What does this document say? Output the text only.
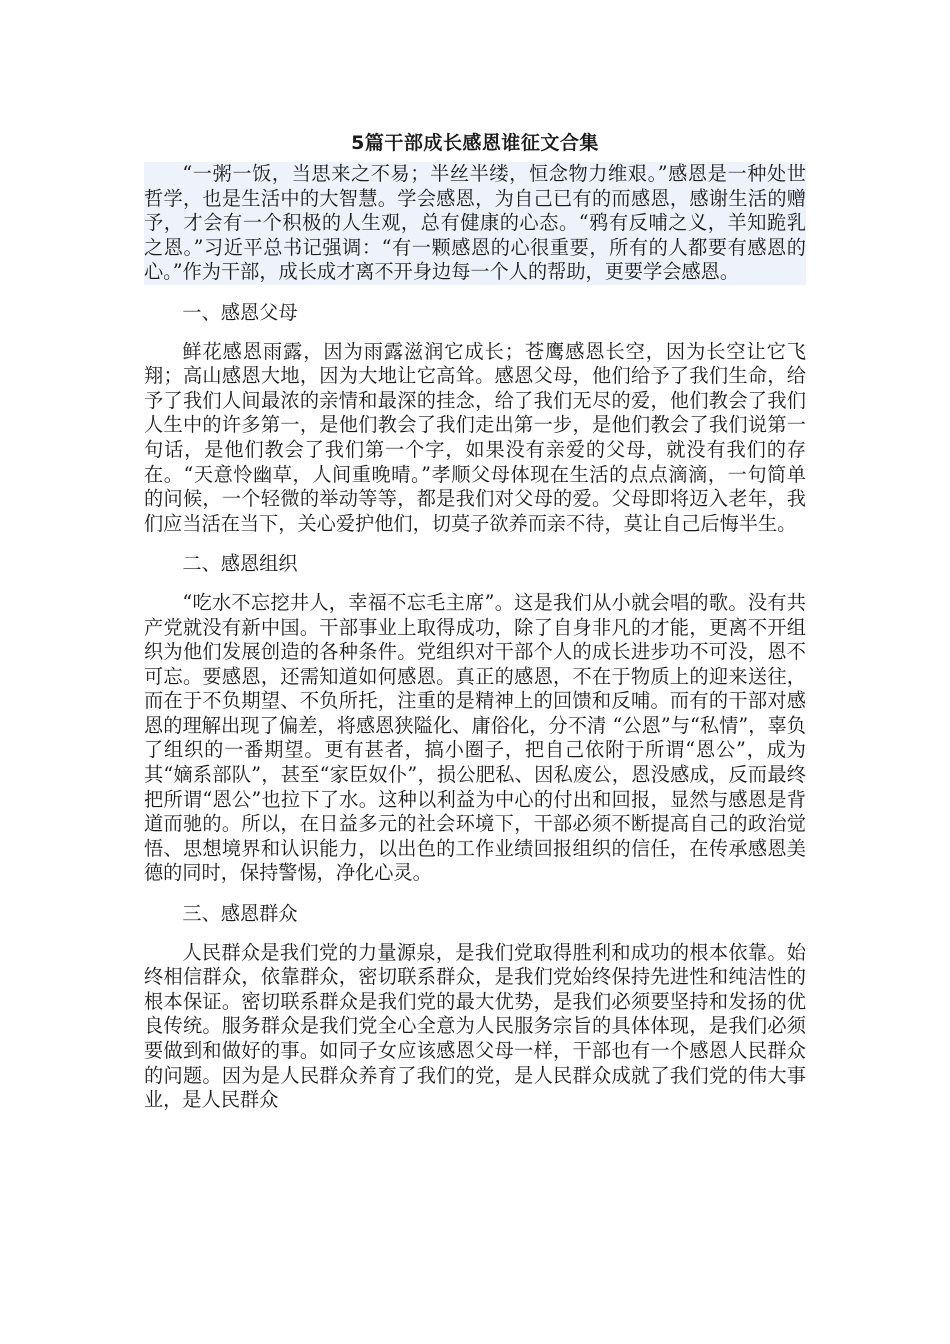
5篇干部成长感恩谁征文合集

“一粥一饭，当思来之不易；半丝半缕，恒念物力维艰。”感恩是一种处世哲学，也是生活中的大智慧。学会感恩，为自己已有的而感恩，感谢生活的赠予，才会有一个积极的人生观，总有健康的心态。“鸦有反哺之义，羊知跪乳之恩。”习近平总书记强调：“有一颗感恩的心很重要，所有的人都要有感恩的心。”作为干部，成长成才离不开身边每一个人的帮助，更要学会感恩。

一、感恩父母

鲜花感恩雨露，因为雨露滋润它成长；苍鹰感恩长空，因为长空让它飞翔；高山感恩大地，因为大地让它高耸。感恩父母，他们给予了我们生命，给予了我们人间最浓的亲情和最深的挂念，给了我们无尽的爱，他们教会了我们人生中的许多第一，是他们教会了我们走出第一步，是他们教会了我们说第一句话，是他们教会了我们第一个字，如果没有亲爱的父母，就没有我们的存在。“天意怜幽草，人间重晚晴。”孝顺父母体现在生活的点点滴滴，一句简单的问候，一个轻微的举动等等，都是我们对父母的爱。父母即将迈入老年，我们应当活在当下，关心爱护他们，切莫子欲养而亲不待，莫让自己后悔半生。

二、感恩组织

“吃水不忘挖井人，幸福不忘毛主席”。这是我们从小就会唱的歌。没有共产党就没有新中国。干部事业上取得成功，除了自身非凡的才能，更离不开组织为他们发展创造的各种条件。党组织对干部个人的成长进步功不可没，恩不可忘。要感恩，还需知道如何感恩。真正的感恩，不在于物质上的迎来送往，而在于不负期望、不负所托，注重的是精神上的回馈和反哺。而有的干部对感恩的理解出现了偏差，将感恩狭隘化、庸俗化，分不清 “公恩”与“私情”，辜负了组织的一番期望。更有甚者，搞小圈子，把自己依附于所谓“恩公”，成为其“嫡系部队”，甚至“家臣奴仆”，损公肥私、因私废公，恩没感成，反而最终把所谓“恩公”也拉下了水。这种以利益为中心的付出和回报，显然与感恩是背道而驰的。所以，在日益多元的社会环境下，干部必须不断提高自己的政治觉悟、思想境界和认识能力，以出色的工作业绩回报组织的信任，在传承感恩美德的同时，保持警惕，净化心灵。

三、感恩群众

人民群众是我们党的力量源泉，是我们党取得胜利和成功的根本依靠。始终相信群众，依靠群众，密切联系群众，是我们党始终保持先进性和纯洁性的根本保证。密切联系群众是我们党的最大优势，是我们必须要坚持和发扬的优良传统。服务群众是我们党全心全意为人民服务宗旨的具体体现，是我们必须要做到和做好的事。如同子女应该感恩父母一样，干部也有一个感恩人民群众的问题。因为是人民群众养育了我们的党，是人民群众成就了我们党的伟大事业，是人民群众
